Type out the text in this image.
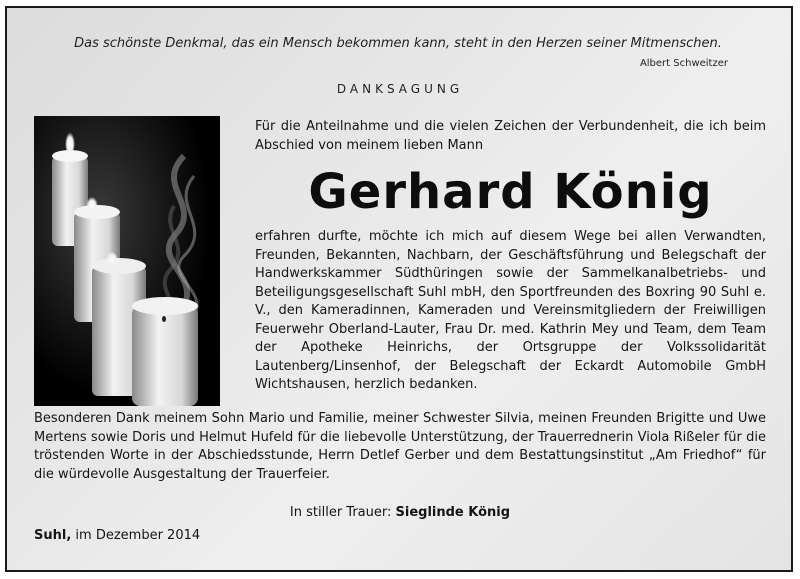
Das schönste Denkmal, das ein Mensch bekommen kann, steht in den Herzen seiner Mitmenschen.
Albert Schweitzer
DANKSAGUNG
Für die Anteilnahme und die vielen Zeichen der Verbundenheit, die ich beim Abschied von meinem lieben Mann
Gerhard König
erfahren durfte, möchte ich mich auf diesem Wege bei allen Verwandten, Freunden, Bekannten, Nachbarn, der Geschäftsführung und Belegschaft der Handwerkskammer Südthüringen sowie der Sammelkanalbetriebs- und Beteiligungsgesellschaft Suhl mbH, den Sportfreunden des Boxring 90 Suhl e. V., den Kameradinnen, Kameraden und Vereinsmitgliedern der Freiwilligen Feuerwehr Oberland-Lauter, Frau Dr. med. Kathrin Mey und Team, dem Team der Apotheke Heinrichs, der Ortsgruppe der Volkssolidarität Lautenberg/Linsenhof, der Belegschaft der Eckardt Automobile GmbH Wichtshausen, herzlich bedanken.
Besonderen Dank meinem Sohn Mario und Familie, meiner Schwester Silvia, meinen Freunden Brigitte und Uwe Mertens sowie Doris und Helmut Hufeld für die liebevolle Unterstützung, der Trauerrednerin Viola Rißeler für die tröstenden Worte in der Abschiedsstunde, Herrn Detlef Gerber und dem Bestattungsinstitut „Am Friedhof“ für die würdevolle Ausgestaltung der Trauerfeier.
In stiller Trauer: Sieglinde König
Suhl, im Dezember 2014
